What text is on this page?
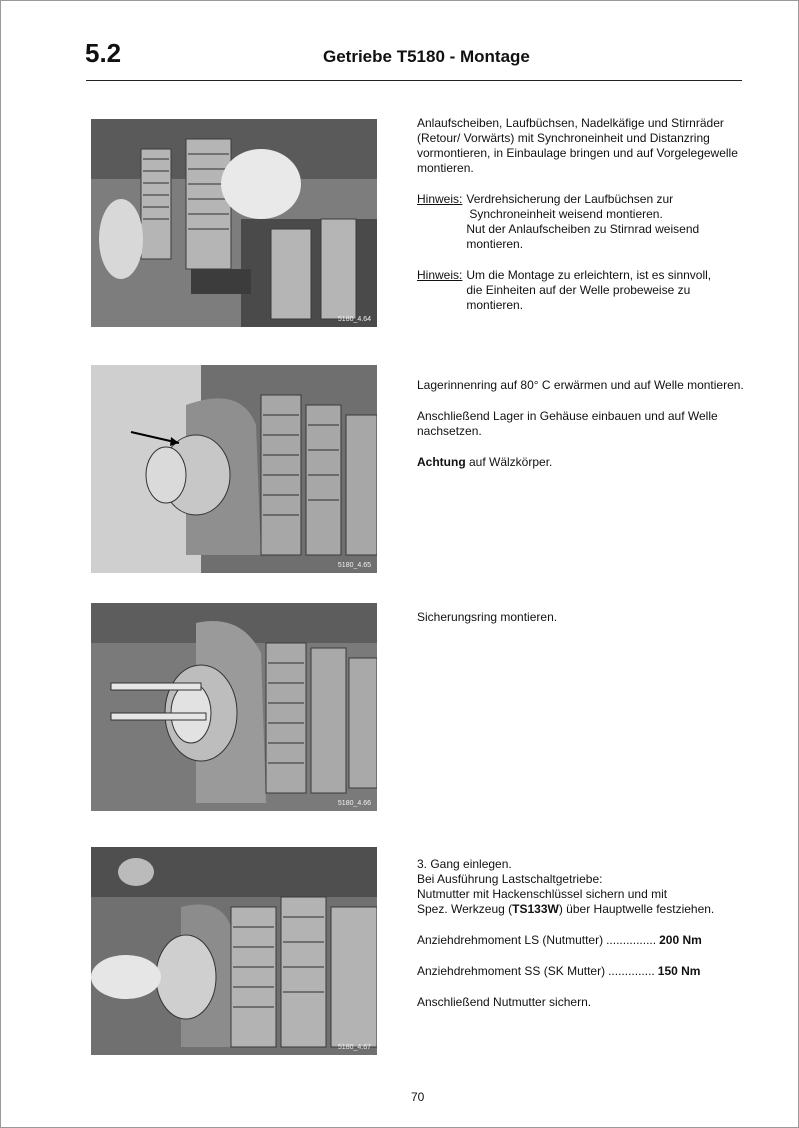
5.2	Getriebe T5180 - Montage
5180_4.64

Anlaufscheiben, Laufbüchsen, Nadelkäfige und Stirnräder (Retour/ Vorwärts) mit Synchroneinheit und Distanzring vormontieren, in Einbaulage bringen und auf Vorgelegewelle montieren.

Hinweis: Verdrehsicherung der Laufbüchsen zur
Synchroneinheit weisend montieren.
Nut der Anlaufscheiben zu Stirnrad weisend
montieren.
Hinweis: Um die Montage zu erleichtern, ist es sinnvoll,
die Einheiten auf der Welle probeweise zu
montieren.
5180_4.65

Lagerinnenring auf 80° C erwärmen und auf Welle montieren.

Anschließend Lager in Gehäuse einbauen und auf Welle nachsetzen.

Achtung auf Wälzkörper.

5180_4.66

Sicherungsring montieren.

5180_4.67
3. Gang einlegen.
Bei Ausführung Lastschaltgetriebe:
Nutmutter mit Hackenschlüssel sichern und mit
Spez. Werkzeug (TS133W) über Hauptwelle festziehen.
Anziehdrehmoment LS (Nutmutter) ............... 200 Nm
Anziehdrehmoment SS (SK Mutter) .............. 150 Nm

Anschließend Nutmutter sichern.

70
